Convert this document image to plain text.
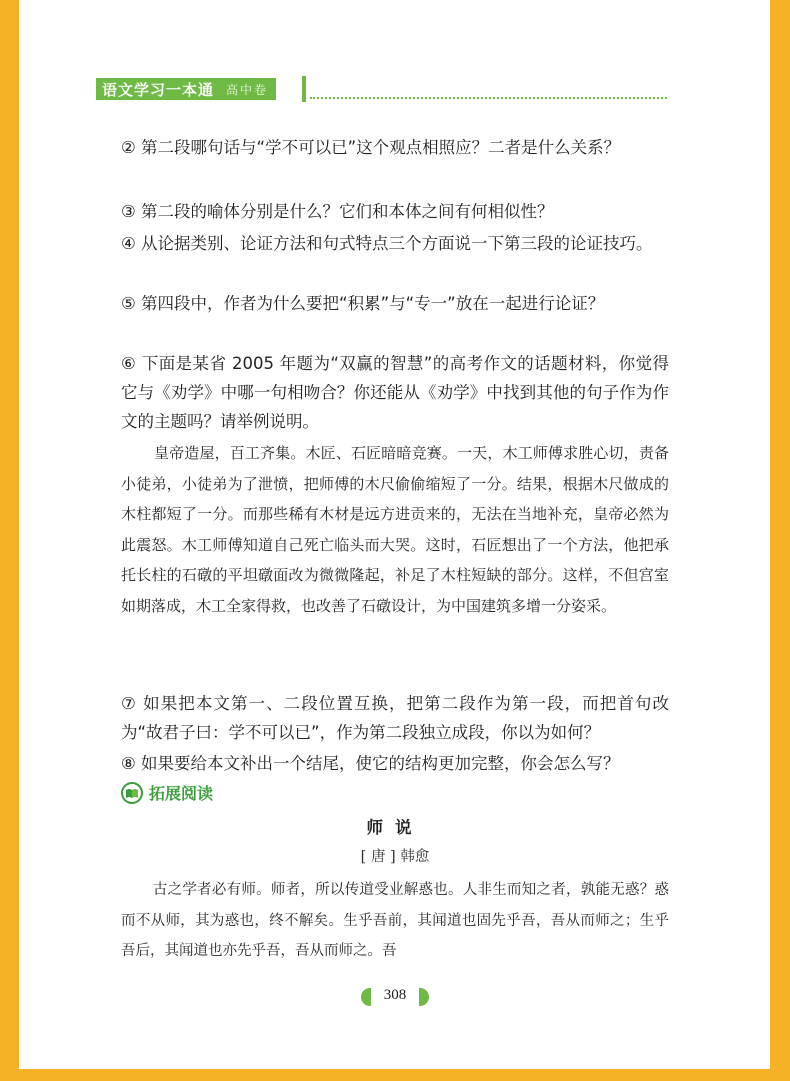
语文学习一本通 高中卷

② 第二段哪句话与“学不可以已”这个观点相照应？二者是什么关系？

③ 第二段的喻体分别是什么？它们和本体之间有何相似性？

④ 从论据类别、论证方法和句式特点三个方面说一下第三段的论证技巧。

⑤ 第四段中，作者为什么要把“积累”与“专一”放在一起进行论证？

⑥ 下面是某省 2005 年题为“双赢的智慧”的高考作文的话题材料，你觉得它与《劝学》中哪一句相吻合？你还能从《劝学》中找到其他的句子作为作文的主题吗？请举例说明。

皇帝造屋，百工齐集。木匠、石匠暗暗竞赛。一天，木工师傅求胜心切，责备小徒弟，小徒弟为了泄愤，把师傅的木尺偷偷缩短了一分。结果，根据木尺做成的木柱都短了一分。而那些稀有木材是远方进贡来的，无法在当地补充，皇帝必然为此震怒。木工师傅知道自己死亡临头而大哭。这时，石匠想出了一个方法，他把承托长柱的石礅的平坦礅面改为微微隆起，补足了木柱短缺的部分。这样，不但宫室如期落成，木工全家得救，也改善了石礅设计，为中国建筑多增一分姿采。

⑦ 如果把本文第一、二段位置互换，把第二段作为第一段，而把首句改为“故君子曰：学不可以已”，作为第二段独立成段，你以为如何？

⑧ 如果要给本文补出一个结尾，使它的结构更加完整，你会怎么写？

拓展阅读
师说
[ 唐 ] 韩愈

古之学者必有师。师者，所以传道受业解惑也。人非生而知之者，孰能无惑？惑而不从师，其为惑也，终不解矣。生乎吾前，其闻道也固先乎吾，吾从而师之；生乎吾后，其闻道也亦先乎吾，吾从而师之。吾

308
